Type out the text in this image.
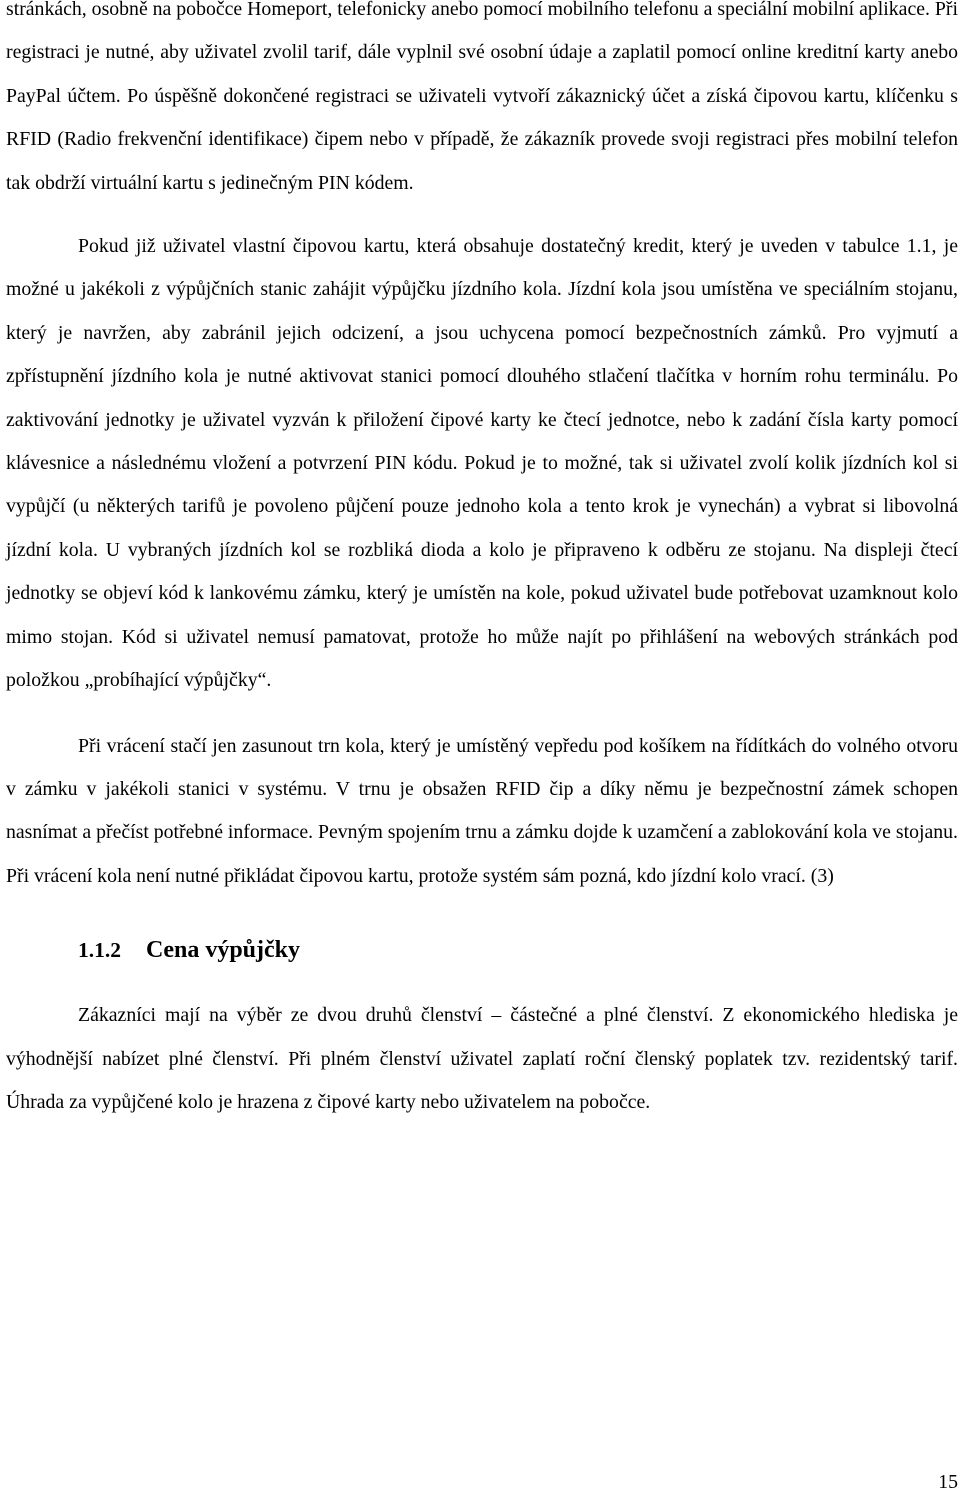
stránkách, osobně na pobočce Homeport, telefonicky anebo pomocí mobilního telefonu a speciální mobilní aplikace. Při registraci je nutné, aby uživatel zvolil tarif, dále vyplnil své osobní údaje a zaplatil pomocí online kreditní karty anebo PayPal účtem. Po úspěšně dokončené registraci se uživateli vytvoří zákaznický účet a získá čipovou kartu, klíčenku s RFID (Radio frekvenční identifikace) čipem nebo v případě, že zákazník provede svoji registraci přes mobilní telefon tak obdrží virtuální kartu s jedinečným PIN kódem.

Pokud již uživatel vlastní čipovou kartu, která obsahuje dostatečný kredit, který je uveden v tabulce 1.1, je možné u jakékoli z výpůjčních stanic zahájit výpůjčku jízdního kola. Jízdní kola jsou umístěna ve speciálním stojanu, který je navržen, aby zabránil jejich odcizení, a jsou uchycena pomocí bezpečnostních zámků. Pro vyjmutí a zpřístupnění jízdního kola je nutné aktivovat stanici pomocí dlouhého stlačení tlačítka v horním rohu terminálu. Po zaktivování jednotky je uživatel vyzván k přiložení čipové karty ke čtecí jednotce, nebo k zadání čísla karty pomocí klávesnice a následnému vložení a potvrzení PIN kódu. Pokud je to možné, tak si uživatel zvolí kolik jízdních kol si vypůjčí (u některých tarifů je povoleno půjčení pouze jednoho kola a tento krok je vynechán) a vybrat si libovolná jízdní kola. U vybraných jízdních kol se rozbliká dioda a kolo je připraveno k odběru ze stojanu. Na displeji čtecí jednotky se objeví kód k lankovému zámku, který je umístěn na kole, pokud uživatel bude potřebovat uzamknout kolo mimo stojan. Kód si uživatel nemusí pamatovat, protože ho může najít po přihlášení na webových stránkách pod položkou „probíhající výpůjčky“.

Při vrácení stačí jen zasunout trn kola, který je umístěný vepředu pod košíkem na řídítkách do volného otvoru v zámku v jakékoli stanici v systému. V trnu je obsažen RFID čip a díky němu je bezpečnostní zámek schopen nasnímat a přečíst potřebné informace. Pevným spojením trnu a zámku dojde k uzamčení a zablokování kola ve stojanu. Při vrácení kola není nutné přikládat čipovou kartu, protože systém sám pozná, kdo jízdní kolo vrací. (3)

1.1.2 Cena výpůjčky

Zákazníci mají na výběr ze dvou druhů členství – částečné a plné členství. Z ekonomického hlediska je výhodnější nabízet plné členství. Při plném členství uživatel zaplatí roční členský poplatek tzv. rezidentský tarif. Úhrada za vypůjčené kolo je hrazena z čipové karty nebo uživatelem na pobočce.

15
